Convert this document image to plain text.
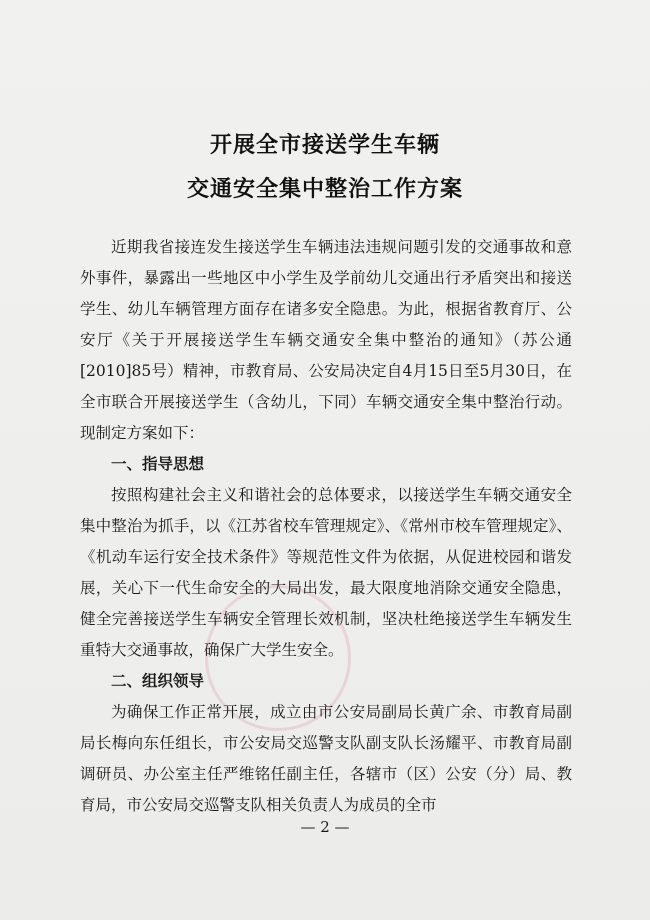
开展全市接送学生车辆
交通安全集中整治工作方案

近期我省接连发生接送学生车辆违法违规问题引发的交通事故和意外事件，暴露出一些地区中小学生及学前幼儿交通出行矛盾突出和接送学生、幼儿车辆管理方面存在诸多安全隐患。为此，根据省教育厅、公安厅《关于开展接送学生车辆交通安全集中整治的通知》（苏公通[2010]85号）精神，市教育局、公安局决定自4月15日至5月30日，在全市联合开展接送学生（含幼儿，下同）车辆交通安全集中整治行动。现制定方案如下：

一、指导思想

按照构建社会主义和谐社会的总体要求，以接送学生车辆交通安全集中整治为抓手，以《江苏省校车管理规定》、《常州市校车管理规定》、《机动车运行安全技术条件》等规范性文件为依据，从促进校园和谐发展，关心下一代生命安全的大局出发，最大限度地消除交通安全隐患，健全完善接送学生车辆安全管理长效机制，坚决杜绝接送学生车辆发生重特大交通事故，确保广大学生安全。

二、组织领导

为确保工作正常开展，成立由市公安局副局长黄广余、市教育局副局长梅向东任组长，市公安局交巡警支队副支队长汤耀平、市教育局副调研员、办公室主任严维铭任副主任，各辖市（区）公安（分）局、教育局，市公安局交巡警支队相关负责人为成员的全市

— 2 —
